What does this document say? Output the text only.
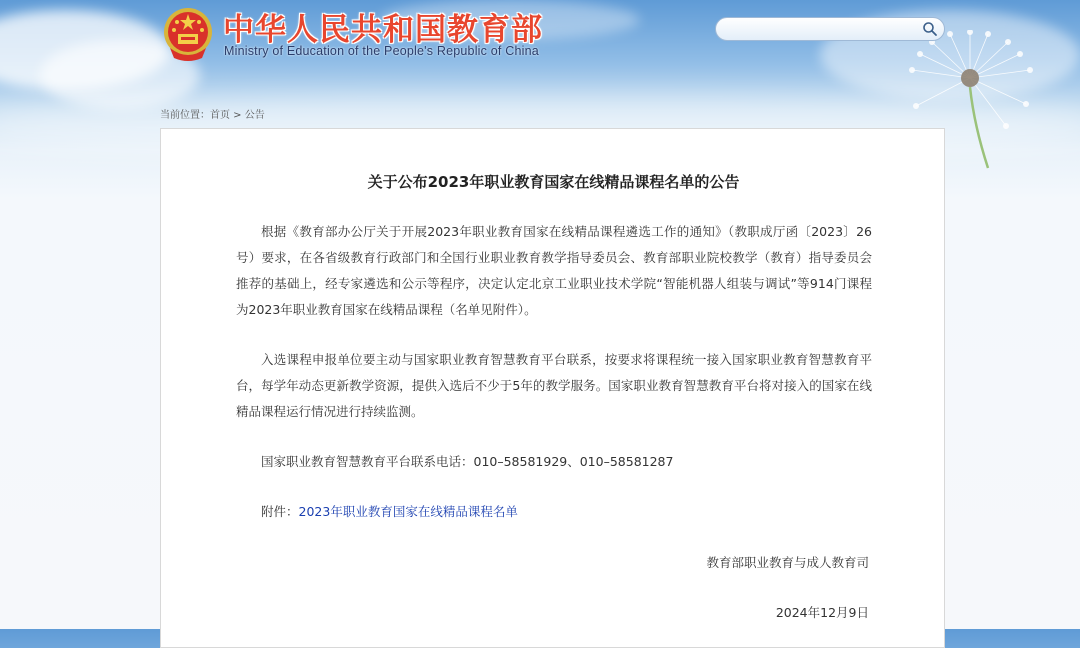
中华人民共和国教育部

Ministry of Education of the People's Republic of China

当前位置：首页 > 公告
关于公布2023年职业教育国家在线精品课程名单的公告

根据《教育部办公厅关于开展2023年职业教育国家在线精品课程遴选工作的通知》（教职成厅函〔2023〕26号）要求，在各省级教育行政部门和全国行业职业教育教学指导委员会、教育部职业院校教学（教育）指导委员会推荐的基础上，经专家遴选和公示等程序，决定认定北京工业职业技术学院“智能机器人组装与调试”等914门课程为2023年职业教育国家在线精品课程（名单见附件）。

入选课程申报单位要主动与国家职业教育智慧教育平台联系，按要求将课程统一接入国家职业教育智慧教育平台，每学年动态更新教学资源，提供入选后不少于5年的教学服务。国家职业教育智慧教育平台将对接入的国家在线精品课程运行情况进行持续监测。

国家职业教育智慧教育平台联系电话：010–58581929、010–58581287

附件：2023年职业教育国家在线精品课程名单

教育部职业教育与成人教育司

2024年12月9日
